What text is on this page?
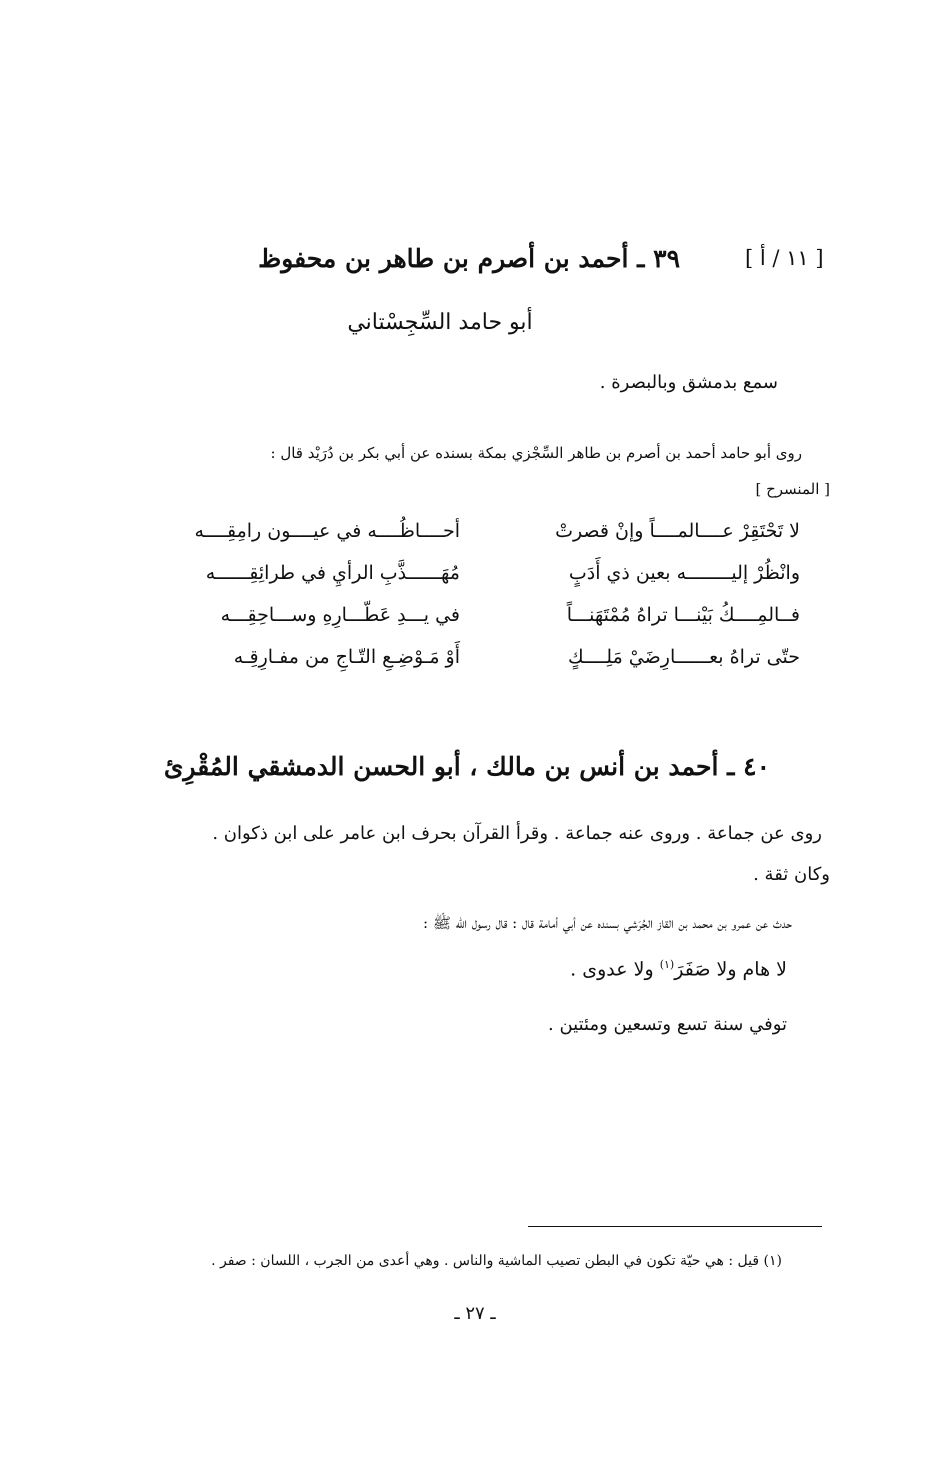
٣٩ ـ أحمد بن أصرم بن طاهر بن محفوظ	[ ١١ / أ ]
أبو حامد السِّجِسْتاني
سمع بدمشق وبالبصرة .
روى أبو حامد أحمد بن أصرم بن طاهر السِّجْزي بمكة بسنده عن أبي بكر بن دُرَيْد قال :
[ المنسرح ]
لا تَحْتَقِرْ عــــالمــــاً وإنْ قصرتْ
أحــــاظُــــه في عيــــون رامِقِــــه
وانْظُرْ إليــــــــه بعين ذي أَدَبٍ
مُهَــــــذَّبِ الرأيِ في طرائِقِــــــه
فــالمِــــكُ بَيْنـــا تراهُ مُمْتَهَنـــاً
في يـــدِ عَطّـــارِهِ وســـاحِقِـــه
حتّى تراهُ بعــــــارِضَيْ مَلِــــكٍ
أَوْ مَـوْضِـعِ التّـاجِ من مفـارِقِـه
٤٠ ـ أحمد بن أنس بن مالك ، أبو الحسن الدمشقي المُقْرِئ
روى عن جماعة . وروى عنه جماعة . وقرأ القرآن بحرف ابن عامر على ابن ذكوان .
وكان ثقة .
حدث عن عمرو بن محمد بن القاز الجُرَشي بسنده عن أبي أمامة قال : قال رسول الله ﷺ :
لا هام ولا صَفَرَ$^{(١)}$ ولا عدوى .
توفي سنة تسع وتسعين ومئتين .
(١) قيل : هي حيّة تكون في البطن تصيب الماشية والناس . وهي أعدى من الجرب ، اللسان : صفر .
ـ ٢٧ ـ
